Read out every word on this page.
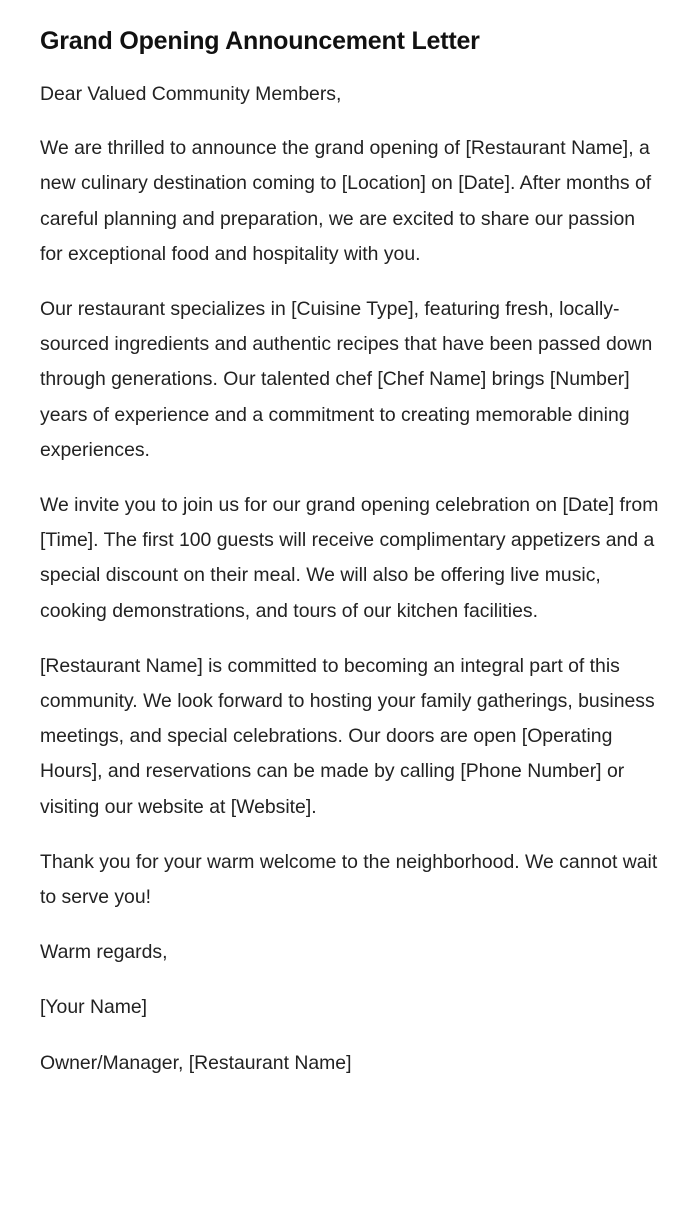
Grand Opening Announcement Letter

Dear Valued Community Members,

We are thrilled to announce the grand opening of [Restaurant Name], a new culinary destination coming to [Location] on [Date]. After months of careful planning and preparation, we are excited to share our passion for exceptional food and hospitality with you.

Our restaurant specializes in [Cuisine Type], featuring fresh, locally-sourced ingredients and authentic recipes that have been passed down through generations. Our talented chef [Chef Name] brings [Number] years of experience and a commitment to creating memorable dining experiences.

We invite you to join us for our grand opening celebration on [Date] from [Time]. The first 100 guests will receive complimentary appetizers and a special discount on their meal. We will also be offering live music, cooking demonstrations, and tours of our kitchen facilities.

[Restaurant Name] is committed to becoming an integral part of this community. We look forward to hosting your family gatherings, business meetings, and special celebrations. Our doors are open [Operating Hours], and reservations can be made by calling [Phone Number] or visiting our website at [Website].

Thank you for your warm welcome to the neighborhood. We cannot wait to serve you!

Warm regards,

[Your Name]

Owner/Manager, [Restaurant Name]
